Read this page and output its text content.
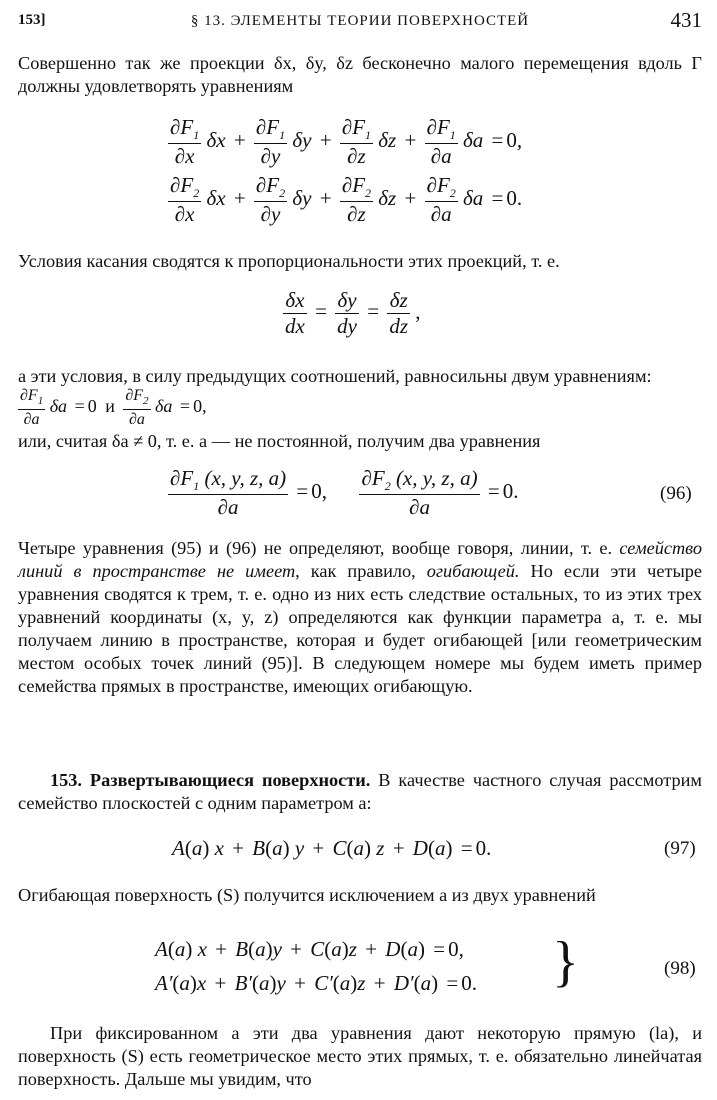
153]	§ 13. ЭЛЕМЕНТЫ ТЕОРИИ ПОВЕРХНОСТЕЙ	431

Совершенно так же проекции δx, δy, δz бесконечно малого перемещения вдоль Γ должны удовлетворять уравнениям

$\frac{\partial F_1}{\partial x}$ $\delta x + \frac{\partial F_1}{\partial y}$ $\delta y + \frac{\partial F_1}{\partial z}$ $\delta z + \frac{\partial F_1}{\partial a}$ δa = 0,
$\frac{\partial F_2}{\partial x}$ $\delta x + \frac{\partial F_2}{\partial y}$ $\delta y + \frac{\partial F_2}{\partial z}$ $\delta z + \frac{\partial F_2}{\partial a}$ δa = 0.

Условия касания сводятся к пропорциональности этих проекций, т. е.

$\frac{\delta x}{dx} = \frac{\delta y}{dy} = \frac{\delta z}{dz}$ ,

а эти условия, в силу предыдущих соотношений, равносильны двум уравнениям:

$\frac{\partial F_1}{\partial a}$ δa = 0 и $\frac{\partial F_2}{\partial a}$ δa = 0,

или, считая δa ≠ 0, т. е. a — не постоянной, получим два уравнения

$\frac{\partial F_1 (x, y, z, a)}{\partial a} = 0$, $\frac{\partial F_2 (x, y, z, a)}{\partial a} = 0$.	(96)

Четыре уравнения (95) и (96) не определяют, вообще говоря, линии, т. е. семейство линий в пространстве не имеет, как правило, огибающей. Но если эти четыре уравнения сводятся к трем, т. е. одно из них есть следствие остальных, то из этих трех уравнений координаты (x, y, z) определяются как функции параметра a, т. е. мы получаем линию в пространстве, которая и будет огибающей [или геометрическим местом особых точек линий (95)]. В следующем номере мы будем иметь пример семейства прямых в пространстве, имеющих огибающую.

153. Развертывающиеся поверхности. В качестве частного случая рассмотрим семейство плоскостей с одним параметром a:

A(a) x + B(a) y + C(a) z + D(a) = 0.	(97)

Огибающая поверхность (S) получится исключением a из двух уравнений

A(a) x + B(a)y + C(a)z + D(a) = 0,
A′(a)x + B′(a)y + C′(a)z + D′(a) = 0. }	(98)

При фиксированном a эти два уравнения дают некоторую прямую (la), и поверхность (S) есть геометрическое место этих прямых, т. е. обязательно линейчатая поверхность. Дальше мы увидим, что
